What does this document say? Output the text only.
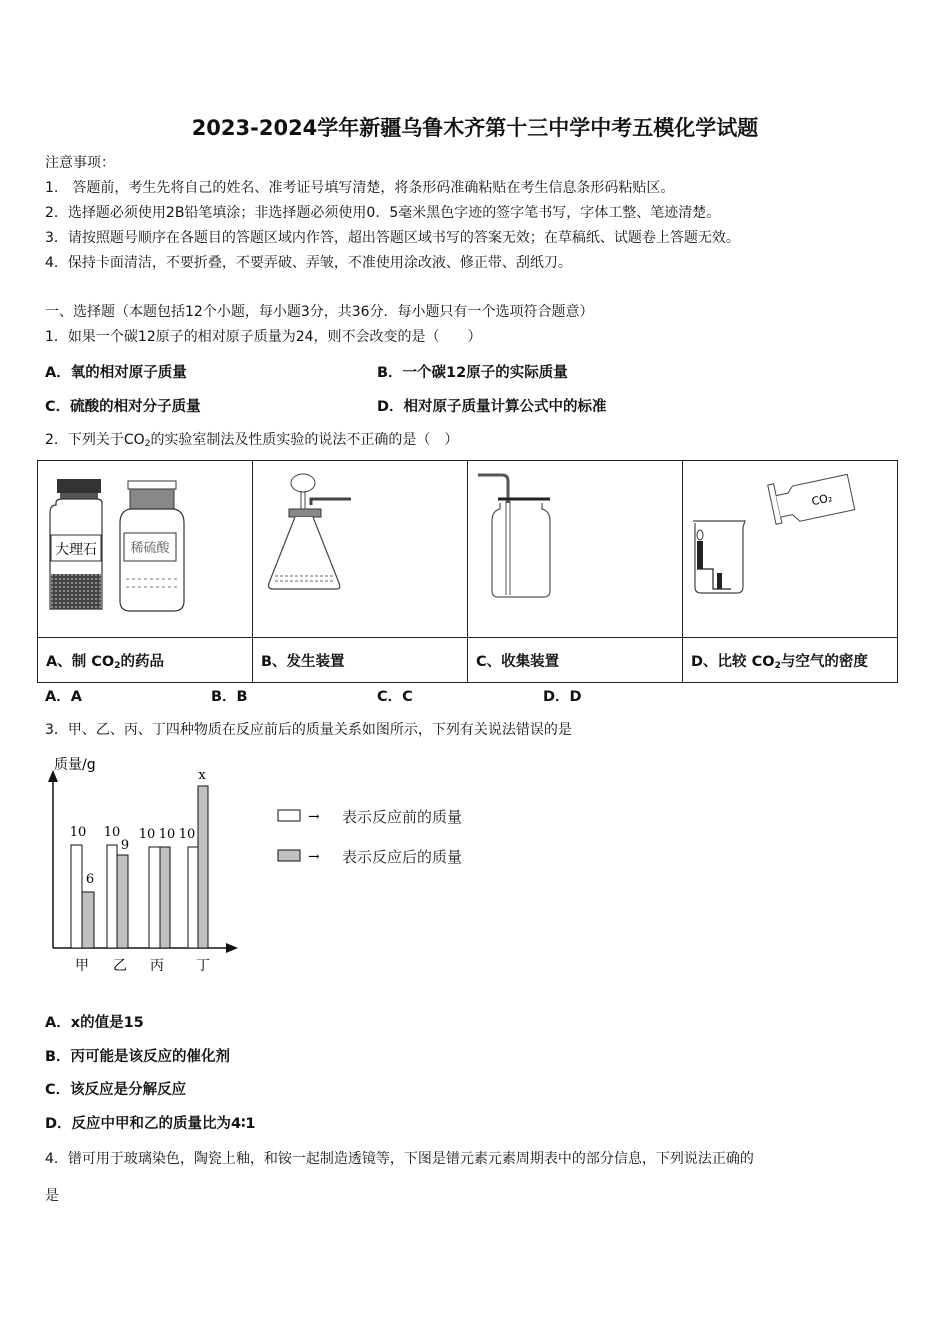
2023-2024学年新疆乌鲁木齐第十三中学中考五模化学试题
注意事项：
1.　答题前，考生先将自己的姓名、准考证号填写清楚，将条形码准确粘贴在考生信息条形码粘贴区。
2．选择题必须使用2B铅笔填涂；非选择题必须使用0．5毫米黑色字迹的签字笔书写，字体工整、笔迹清楚。
3．请按照题号顺序在各题目的答题区域内作答，超出答题区域书写的答案无效；在草稿纸、试题卷上答题无效。
4．保持卡面清洁，不要折叠，不要弄破、弄皱，不准使用涂改液、修正带、刮纸刀。
一、选择题（本题包括12个小题，每小题3分，共36分．每小题只有一个选项符合题意）
1．如果一个碳12原子的相对原子质量为24，则不会改变的是（　　）
A．氧的相对原子质量	B．一个碳12原子的实际质量
C．硫酸的相对分子质量	D．相对原子质量计算公式中的标准
2．下列关于$CO_2$的实验室制法及性质实验的说法不正确的是（　）
大理石 稀硫酸			CO₂

A、制 $CO_2$的药品	B、发生装置	C、收集装置	D、比较 $CO_2$与空气的密度
A．A	B．B	C．C	D．D
3．甲、乙、丙、丁四种物质在反应前后的质量关系如图所示，下列有关说法错误的是
质量/g
10
6
10
9
10 10 10
x
甲 乙 丙 丁
→ 表示反应前的质量
→ 表示反应后的质量
A．x的值是15
B．丙可能是该反应的催化剂
C．该反应是分解反应
D．反应中甲和乙的质量比为4∶1
4．镨可用于玻璃染色，陶瓷上釉，和铵一起制造透镜等，下图是镨元素元素周期表中的部分信息，下列说法正确的
是
